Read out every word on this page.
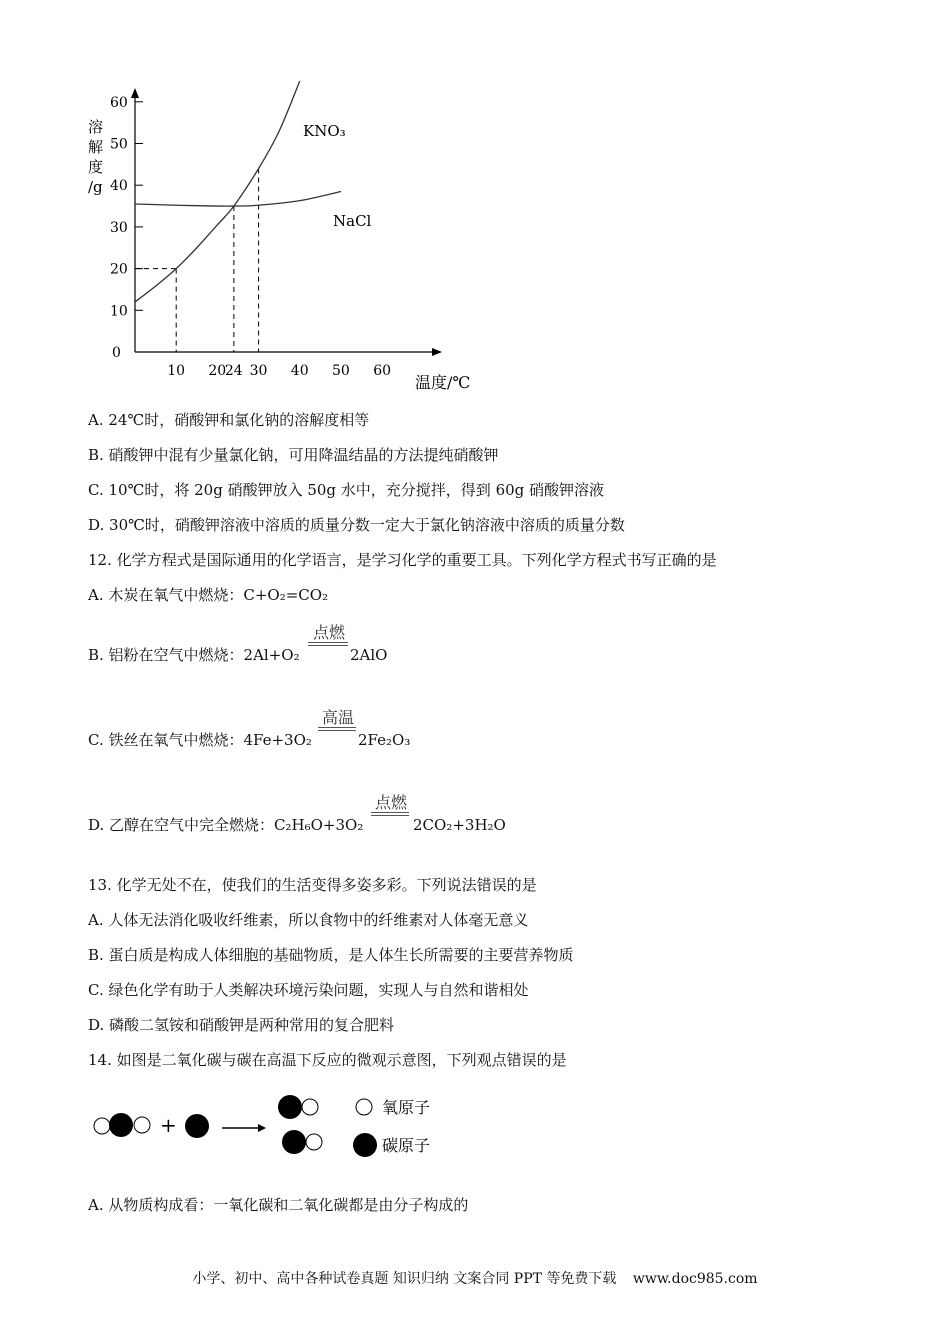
溶
解
度
/g
0
10
20
30
40
50
60
10 20
24 30 40 50 60
KNO₃
NaCl
温度/℃
A. 24℃时，硝酸钾和氯化钠的溶解度相等
B. 硝酸钾中混有少量氯化钠，可用降温结晶的方法提纯硝酸钾
C. 10℃时，将 20g 硝酸钾放入 50g 水中，充分搅拌，得到 60g 硝酸钾溶液
D. 30℃时，硝酸钾溶液中溶质的质量分数一定大于氯化钠溶液中溶质的质量分数
12. 化学方程式是国际通用的化学语言，是学习化学的重要工具。下列化学方程式书写正确的是
A. 木炭在氧气中燃烧：C+O₂=CO₂
点燃
B. 铝粉在空气中燃烧：2Al+O₂	2AlO
高温
C. 铁丝在氧气中燃烧：4Fe+3O₂	2Fe₂O₃
点燃
D. 乙醇在空气中完全燃烧：C₂H₆O+3O₂	2CO₂+3H₂O
13. 化学无处不在，使我们的生活变得多姿多彩。下列说法错误的是
A. 人体无法消化吸收纤维素，所以食物中的纤维素对人体毫无意义
B. 蛋白质是构成人体细胞的基础物质，是人体生长所需要的主要营养物质
C. 绿色化学有助于人类解决环境污染问题，实现人与自然和谐相处
D. 磷酸二氢铵和硝酸钾是两种常用的复合肥料
14. 如图是二氧化碳与碳在高温下反应的微观示意图，下列观点错误的是
+
氧原子
碳原子
A. 从物质构成看：一氧化碳和二氧化碳都是由分子构成的
小学、初中、高中各种试卷真题 知识归纳 文案合同 PPT 等免费下载 www.doc985.com
